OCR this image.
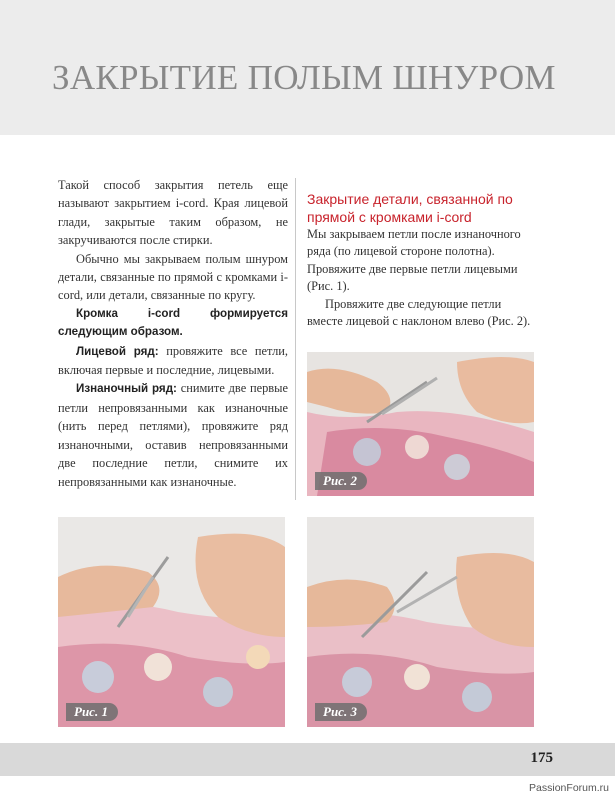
ЗАКРЫТИЕ ПОЛЫМ ШНУРОМ

Такой способ закрытия петель еще называют закрытием i-cord. Края лицевой глади, закрытые таким образом, не закручиваются после стирки.

Обычно мы закрываем полым шнуром детали, связанные по прямой с кромками i-cord, или детали, связанные по кругу.

Кромка i-cord формируется следующим образом.

Лицевой ряд: провяжите все петли, включая первые и последние, лицевыми.

Изнаночный ряд: снимите две первые петли непровязанными как изнаночные (нить перед петлями), провяжите ряд изнаночными, оставив непровязанными две последние петли, снимите их непровязанными как изнаночные.

Закрытие детали, связанной по прямой с кромками i-cord

Мы закрываем петли после изнаночного ряда (по лицевой стороне полотна). Провяжите две первые петли лицевыми (Рис. 1).

Провяжите две следующие петли вместе лицевой с наклоном влево (Рис. 2).

Рис. 2
Рис. 1	Рис. 3
175
PassionForum.ru
